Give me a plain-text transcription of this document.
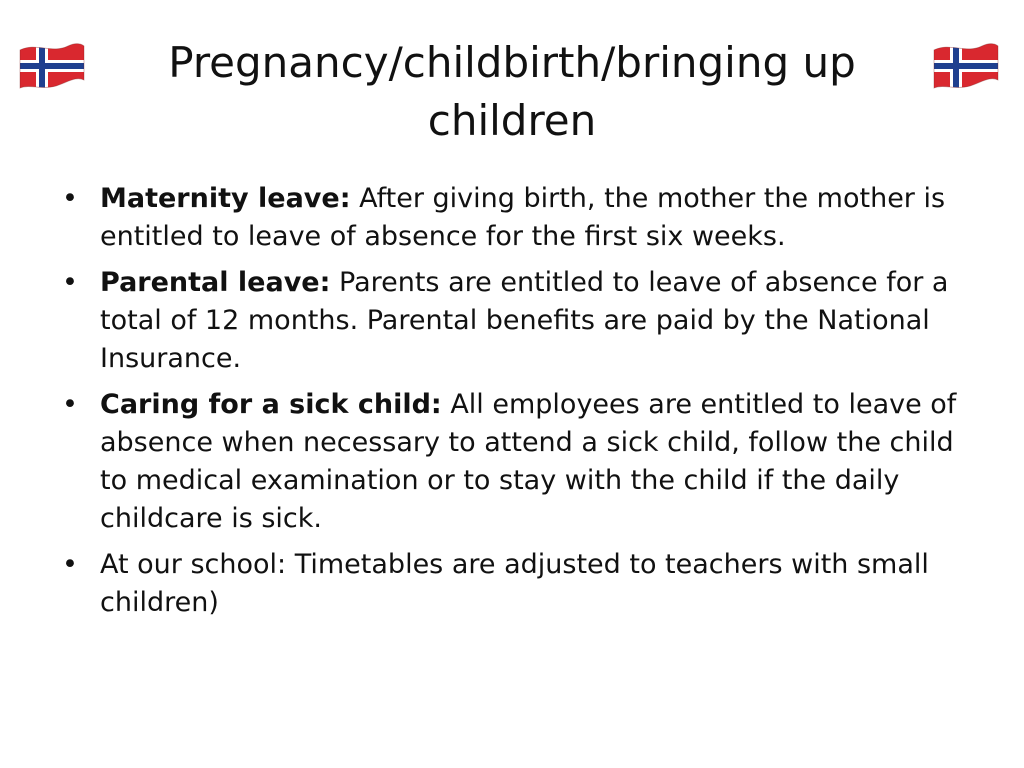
Pregnancy/childbirth/bringing up children
• Maternity leave: After giving birth, the mother the mother is entitled to leave of absence for the first six weeks.
• Parental leave: Parents are entitled to leave of absence for a total of 12 months. Parental benefits are paid by the National Insurance.
• Caring for a sick child: All employees are entitled to leave of absence when necessary to attend a sick child, follow the child to medical examination or to stay with the child if the daily childcare is sick.
• At our school: Timetables are adjusted to teachers with small children)
